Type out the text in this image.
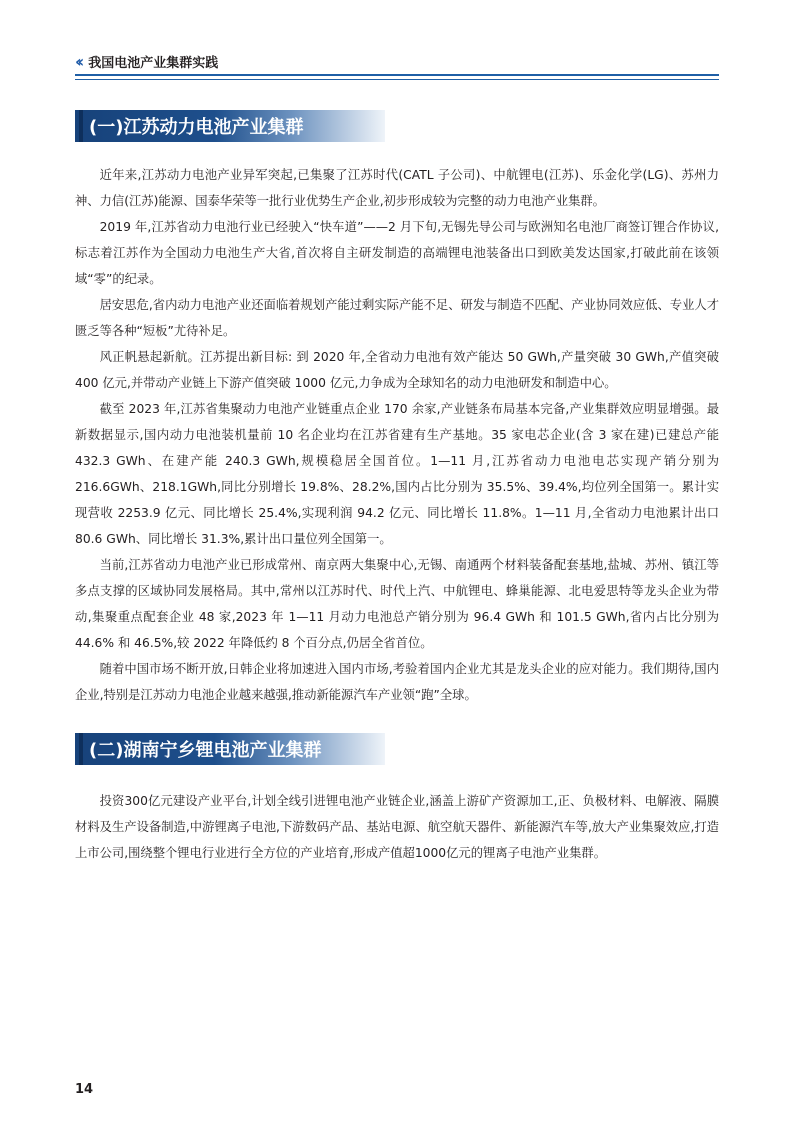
‹‹ 我国电池产业集群实践
(一)江苏动力电池产业集群

近年来,江苏动力电池产业异军突起,已集聚了江苏时代(CATL 子公司)、中航锂电(江苏)、乐金化学(LG)、苏州力神、力信(江苏)能源、国泰华荣等一批行业优势生产企业,初步形成较为完整的动力电池产业集群。

2019 年,江苏省动力电池行业已经驶入“快车道”——2 月下旬,无锡先导公司与欧洲知名电池厂商签订锂合作协议,标志着江苏作为全国动力电池生产大省,首次将自主研发制造的高端锂电池装备出口到欧美发达国家,打破此前在该领域“零”的纪录。

居安思危,省内动力电池产业还面临着规划产能过剩实际产能不足、研发与制造不匹配、产业协同效应低、专业人才匮乏等各种“短板”尤待补足。

风正帆悬起新航。江苏提出新目标: 到 2020 年,全省动力电池有效产能达 50 GWh,产量突破 30 GWh,产值突破 400 亿元,并带动产业链上下游产值突破 1000 亿元,力争成为全球知名的动力电池研发和制造中心。

截至 2023 年,江苏省集聚动力电池产业链重点企业 170 余家,产业链条布局基本完备,产业集群效应明显增强。最新数据显示,国内动力电池装机量前 10 名企业均在江苏省建有生产基地。35 家电芯企业(含 3 家在建)已建总产能 432.3 GWh、在建产能 240.3 GWh,规模稳居全国首位。1—11 月,江苏省动力电池电芯实现产销分别为 216.6GWh、218.1GWh,同比分别增长 19.8%、28.2%,国内占比分别为 35.5%、39.4%,均位列全国第一。累计实现营收 2253.9 亿元、同比增长 25.4%,实现利润 94.2 亿元、同比增长 11.8%。1—11 月,全省动力电池累计出口 80.6 GWh、同比增长 31.3%,累计出口量位列全国第一。

当前,江苏省动力电池产业已形成常州、南京两大集聚中心,无锡、南通两个材料装备配套基地,盐城、苏州、镇江等多点支撑的区域协同发展格局。其中,常州以江苏时代、时代上汽、中航锂电、蜂巢能源、北电爱思特等龙头企业为带动,集聚重点配套企业 48 家,2023 年 1—11 月动力电池总产销分别为 96.4 GWh 和 101.5 GWh,省内占比分别为 44.6% 和 46.5%,较 2022 年降低约 8 个百分点,仍居全省首位。

随着中国市场不断开放,日韩企业将加速进入国内市场,考验着国内企业尤其是龙头企业的应对能力。我们期待,国内企业,特别是江苏动力电池企业越来越强,推动新能源汽车产业领“跑”全球。

(二)湖南宁乡锂电池产业集群

投资300亿元建设产业平台,计划全线引进锂电池产业链企业,涵盖上游矿产资源加工,正、负极材料、电解液、隔膜材料及生产设备制造,中游锂离子电池,下游数码产品、基站电源、航空航天器件、新能源汽车等,放大产业集聚效应,打造上市公司,围绕整个锂电行业进行全方位的产业培育,形成产值超1000亿元的锂离子电池产业集群。

14
